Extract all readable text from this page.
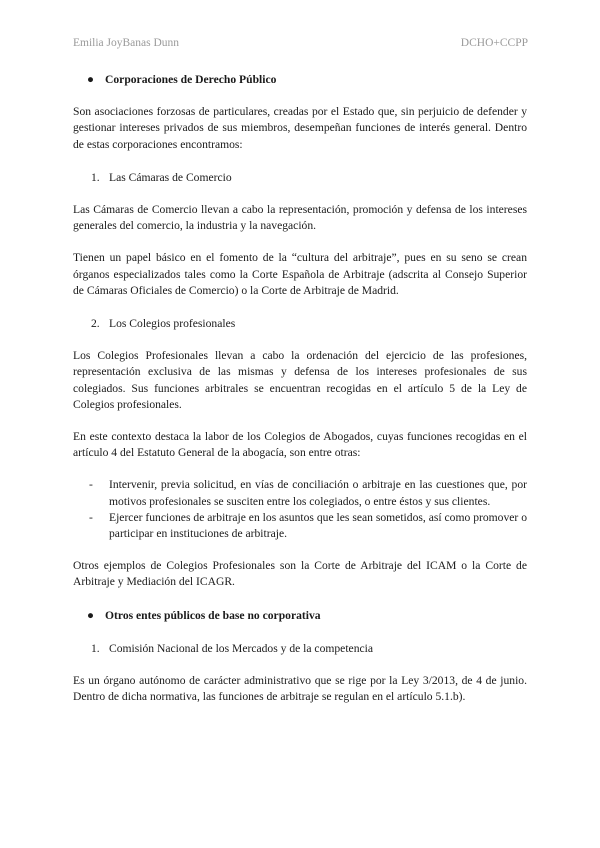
Emilia JoyBanas Dunn	DCHO+CCPP
● Corporaciones de Derecho Público

Son asociaciones forzosas de particulares, creadas por el Estado que, sin perjuicio de defender y gestionar intereses privados de sus miembros, desempeñan funciones de interés general. Dentro de estas corporaciones encontramos:

1. Las Cámaras de Comercio

Las Cámaras de Comercio llevan a cabo la representación, promoción y defensa de los intereses generales del comercio, la industria y la navegación.

Tienen un papel básico en el fomento de la “cultura del arbitraje”, pues en su seno se crean órganos especializados tales como la Corte Española de Arbitraje (adscrita al Consejo Superior de Cámaras Oficiales de Comercio) o la Corte de Arbitraje de Madrid.

2. Los Colegios profesionales

Los Colegios Profesionales llevan a cabo la ordenación del ejercicio de las profesiones, representación exclusiva de las mismas y defensa de los intereses profesionales de sus colegiados. Sus funciones arbitrales se encuentran recogidas en el artículo 5 de la Ley de Colegios profesionales.

En este contexto destaca la labor de los Colegios de Abogados, cuyas funciones recogidas en el artículo 4 del Estatuto General de la abogacía, son entre otras:

- Intervenir, previa solicitud, en vías de conciliación o arbitraje en las cuestiones que, por motivos profesionales se susciten entre los colegiados, o entre éstos y sus clientes.
- Ejercer funciones de arbitraje en los asuntos que les sean sometidos, así como promover o participar en instituciones de arbitraje.

Otros ejemplos de Colegios Profesionales son la Corte de Arbitraje del ICAM o la Corte de Arbitraje y Mediación del ICAGR.

● Otros entes públicos de base no corporativa
1. Comisión Nacional de los Mercados y de la competencia

Es un órgano autónomo de carácter administrativo que se rige por la Ley 3/2013, de 4 de junio. Dentro de dicha normativa, las funciones de arbitraje se regulan en el artículo 5.1.b).
